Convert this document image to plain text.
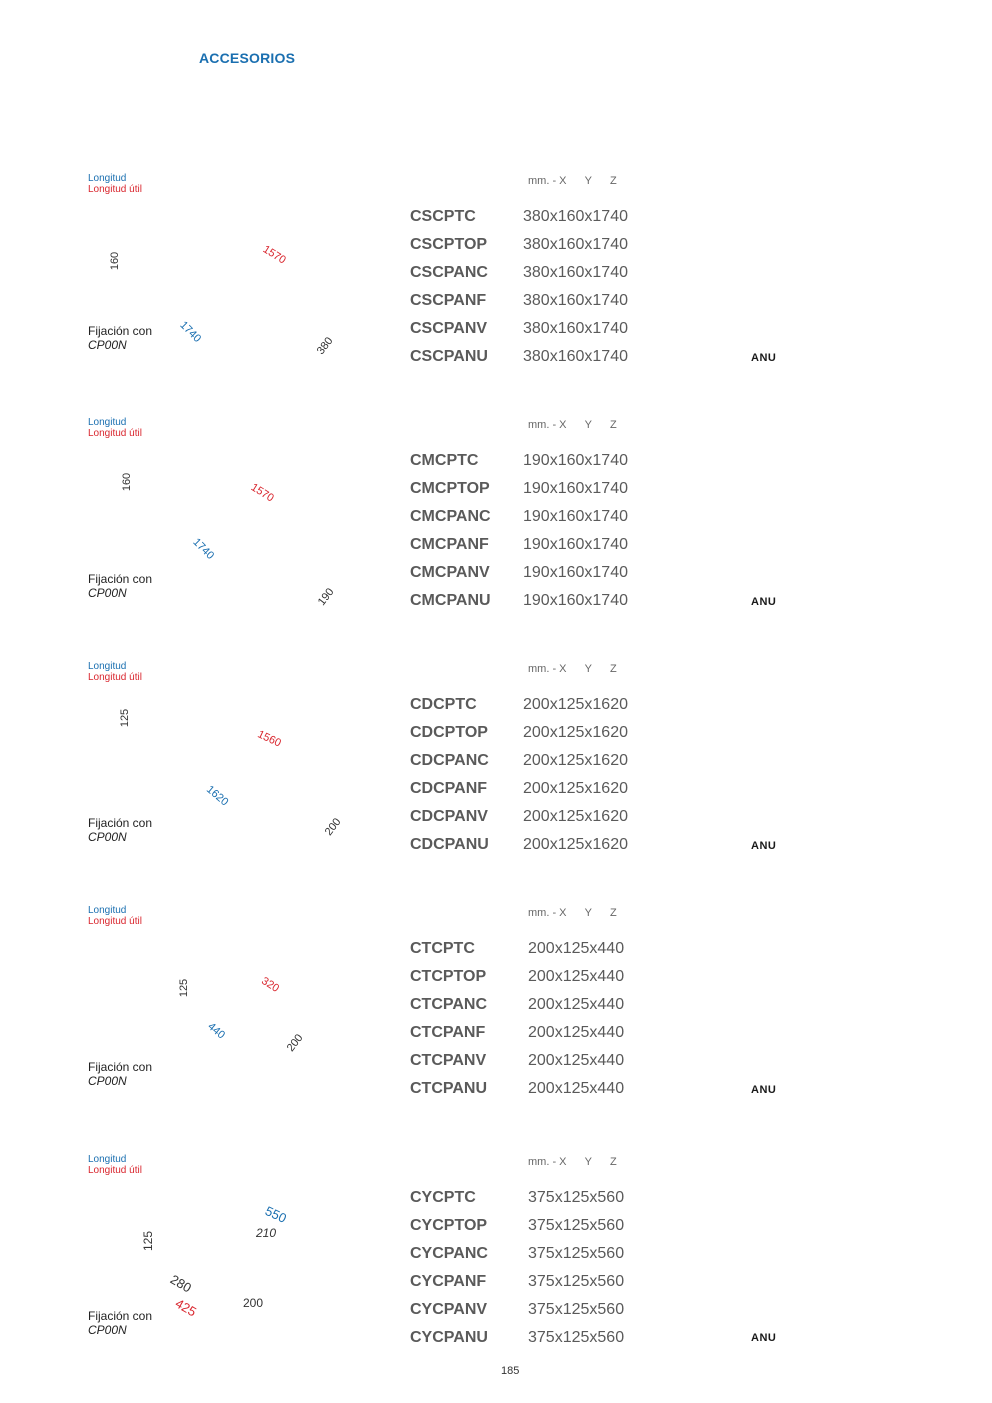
ACCESORIOS
Longitud
Longitud útil
160	1570
1740
380
Fijación con
CP00N
mm. - X Y Z
CSCPTC	380x160x1740
CSCPTOP 380x160x1740
CSCPANC 380x160x1740
CSCPANF 380x160x1740
CSCPANV 380x160x1740
CSCPANU 380x160x1740	ANU
Longitud
Longitud útil
160	1570
1740
190
Fijación con
CP00N
mm. - X Y Z
CMCPTC	190x160x1740
CMCPTOP 190x160x1740
CMCPANC 190x160x1740
CMCPANF 190x160x1740
CMCPANV 190x160x1740
CMCPANU 190x160x1740	ANU
Longitud
Longitud útil
125
1560
1620
200
Fijación con
CP00N
mm. - X Y Z
CDCPTC	200x125x1620
CDCPTOP 200x125x1620
CDCPANC 200x125x1620
CDCPANF 200x125x1620
CDCPANV 200x125x1620
CDCPANU 200x125x1620	ANU
Longitud
Longitud útil
125	320
440
200
Fijación con
CP00N
mm. - X Y Z
CTCPTC	200x125x440
CTCPTOP	200x125x440
CTCPANC	200x125x440
CTCPANF	200x125x440
CTCPANV	200x125x440
CTCPANU	200x125x440	ANU
Longitud
Longitud útil
125
550
210
280
425	200
Fijación con
CP00N
mm. - X Y Z
CYCPTC	375x125x560
CYCPTOP	375x125x560
CYCPANC	375x125x560
CYCPANF	375x125x560
CYCPANV	375x125x560
CYCPANU	375x125x560	ANU
185
